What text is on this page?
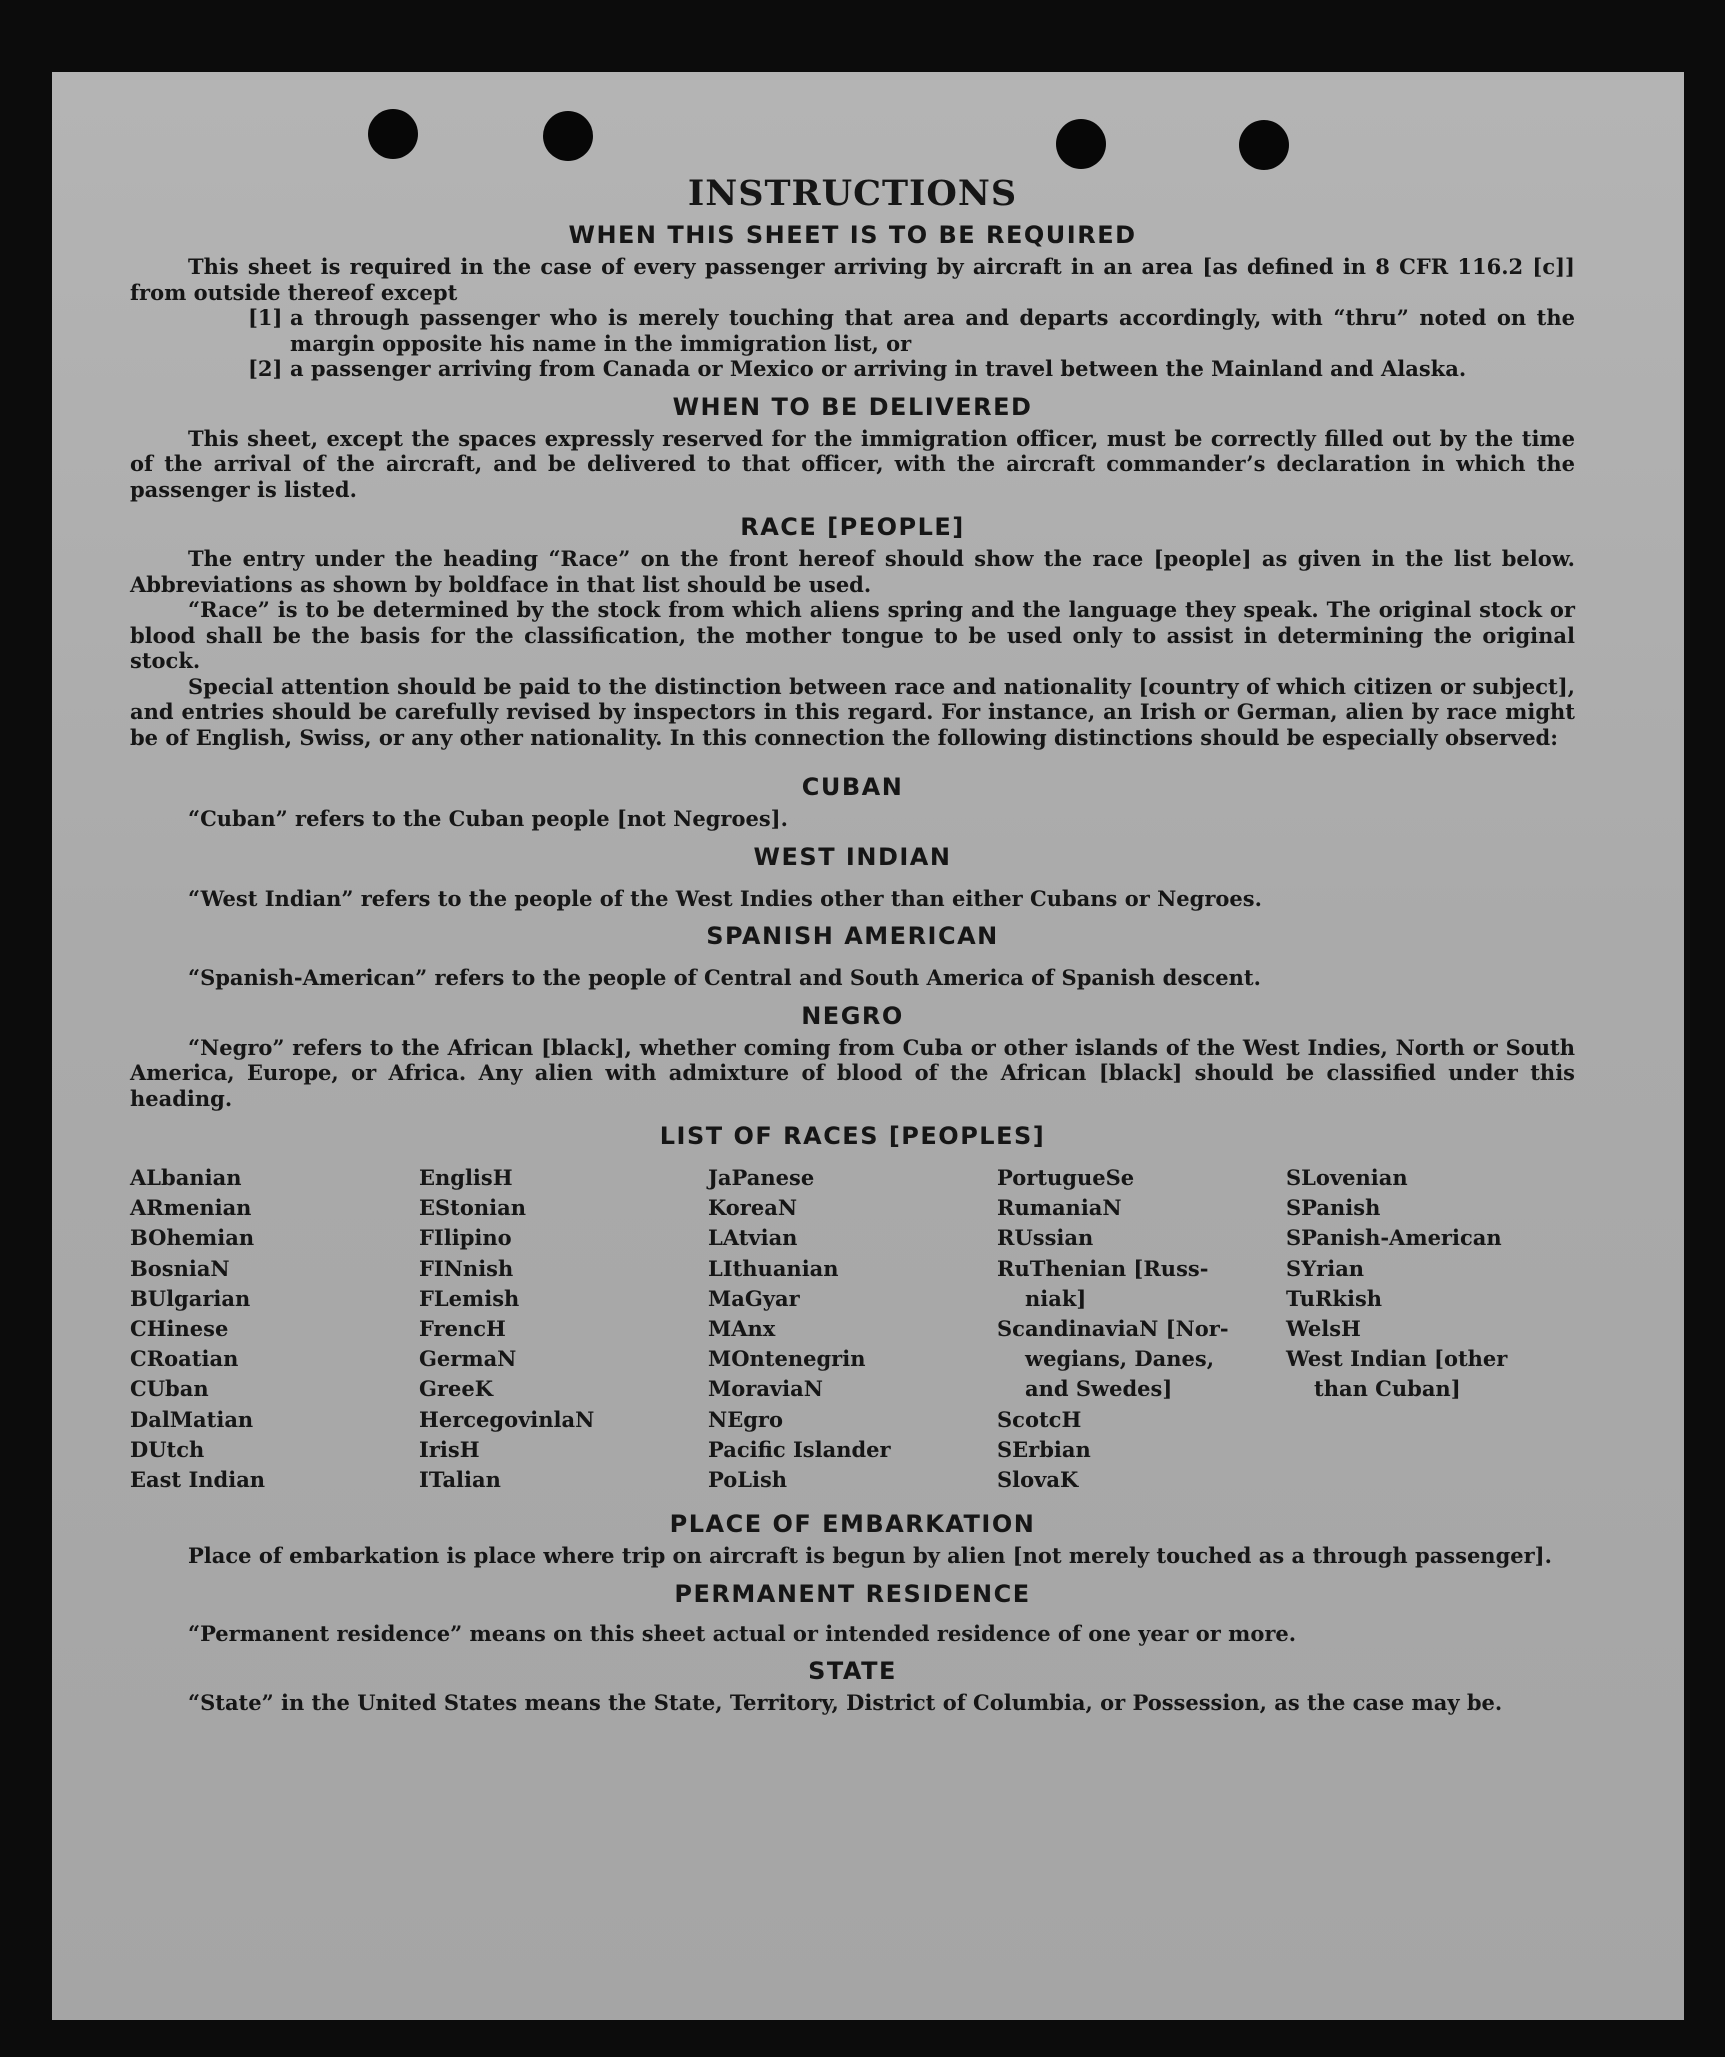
INSTRUCTIONS
WHEN THIS SHEET IS TO BE REQUIRED

This sheet is required in the case of every passenger arriving by aircraft in an area [as defined in 8 CFR 116.2 [c]] from outside thereof except

[1] a through passenger who is merely touching that area and departs accordingly, with “thru” noted on the margin opposite his name in the immigration list, or
[2] a passenger arriving from Canada or Mexico or arriving in travel between the Mainland and Alaska.
WHEN TO BE DELIVERED

This sheet, except the spaces expressly reserved for the immigration officer, must be correctly filled out by the time of the arrival of the aircraft, and be delivered to that officer, with the aircraft commander’s declaration in which the passenger is listed.

RACE [PEOPLE]

The entry under the heading “Race” on the front hereof should show the race [people] as given in the list below. Abbreviations as shown by boldface in that list should be used.

“Race” is to be determined by the stock from which aliens spring and the language they speak. The original stock or blood shall be the basis for the classification, the mother tongue to be used only to assist in determining the original stock.

Special attention should be paid to the distinction between race and nationality [country of which citizen or subject], and entries should be carefully revised by inspectors in this regard. For instance, an Irish or German, alien by race might be of English, Swiss, or any other nationality. In this connection the following distinctions should be especially observed:

CUBAN

“Cuban” refers to the Cuban people [not Negroes].

WEST INDIAN

“West Indian” refers to the people of the West Indies other than either Cubans or Negroes.

SPANISH AMERICAN

“Spanish-American” refers to the people of Central and South America of Spanish descent.

NEGRO

“Negro” refers to the African [black], whether coming from Cuba or other islands of the West Indies, North or South America, Europe, or Africa. Any alien with admixture of blood of the African [black] should be classified under this heading.

LIST OF RACES [PEOPLES]
ALbanian
ARmenian
BOhemian
BosniaN
BUlgarian
CHinese
CRoatian
CUban
DalMatian
DUtch
East Indian
EnglisH
EStonian
FIlipino
FINnish
FLemish
FrencH
GermaN
GreeK
HercegovinlaN
IrisH
ITalian
JaPanese
KoreaN
LAtvian
LIthuanian
MaGyar
MAnx
MOntenegrin
MoraviaN
NEgro
Pacific Islander
PoLish
PortugueSe
RumaniaN
RUssian
RuThenian [Russ-
niak]
ScandinaviaN [Nor-
wegians, Danes,
and Swedes]
ScotcH
SErbian
SlovaK
SLovenian
SPanish
SPanish-American
SYrian
TuRkish
WelsH
West Indian [other
than Cuban]
PLACE OF EMBARKATION

Place of embarkation is place where trip on aircraft is begun by alien [not merely touched as a through passenger].

PERMANENT RESIDENCE

“Permanent residence” means on this sheet actual or intended residence of one year or more.

STATE

“State” in the United States means the State, Territory, District of Columbia, or Possession, as the case may be.
